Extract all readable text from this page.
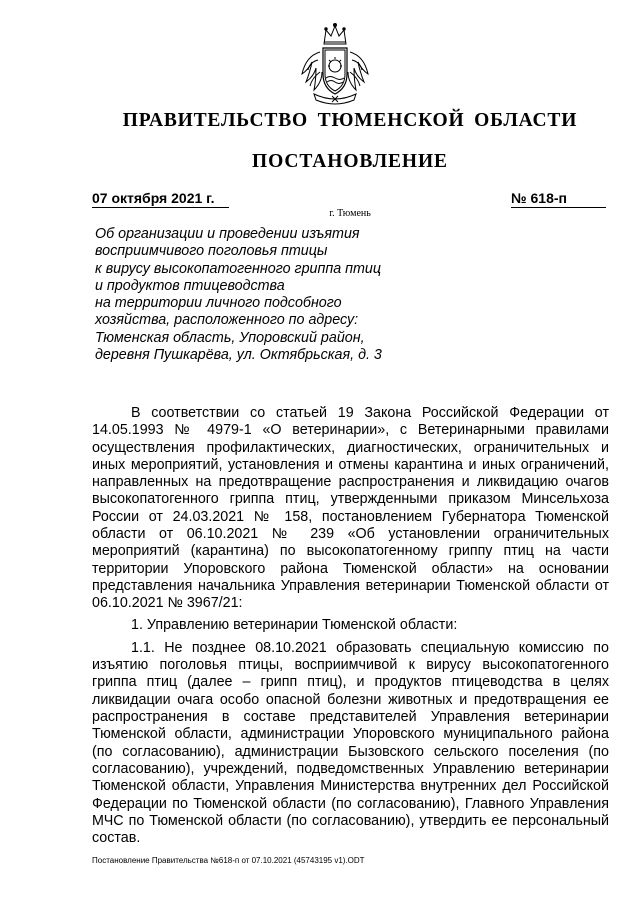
ПРАВИТЕЛЬСТВО ТЮМЕНСКОЙ ОБЛАСТИ
ПОСТАНОВЛЕНИЕ
07 октября 2021 г.	№ 618-п
г. Тюмень
Об организации и проведении изъятия
восприимчивого поголовья птицы
к вирусу высокопатогенного гриппа птиц
и продуктов птицеводства
на территории личного подсобного
хозяйства, расположенного по адресу:
Тюменская область, Упоровский район,
деревня Пушкарёва, ул. Октябрьская, д. 3

В соответствии со статьей 19 Закона Российской Федерации от 14.05.1993 № 4979-1 «О ветеринарии», с Ветеринарными правилами осуществления профилактических, диагностических, ограничительных и иных мероприятий, установления и отмены карантина и иных ограничений, направленных на предотвращение распространения и ликвидацию очагов высокопатогенного гриппа птиц, утвержденными приказом Минсельхоза России от 24.03.2021 № 158, постановлением Губернатора Тюменской области от 06.10.2021 № 239 «Об установлении ограничительных мероприятий (карантина) по высокопатогенному гриппу птиц на части территории Упоровского района Тюменской области» на основании представления начальника Управления ветеринарии Тюменской области от 06.10.2021 № 3967/21:

1. Управлению ветеринарии Тюменской области:

1.1. Не позднее 08.10.2021 образовать специальную комиссию по изъятию поголовья птицы, восприимчивой к вирусу высокопатогенного гриппа птиц (далее – грипп птиц), и продуктов птицеводства в целях ликвидации очага особо опасной болезни животных и предотвращения ее распространения в составе представителей Управления ветеринарии Тюменской области, администрации Упоровского муниципального района (по согласованию), администрации Бызовского сельского поселения (по согласованию), учреждений, подведомственных Управлению ветеринарии Тюменской области, Управления Министерства внутренних дел Российской Федерации по Тюменской области (по согласованию), Главного Управления МЧС по Тюменской области (по согласованию), утвердить ее персональный состав.

Постановление Правительства №618-п от 07.10.2021 (45743195 v1).ODT
